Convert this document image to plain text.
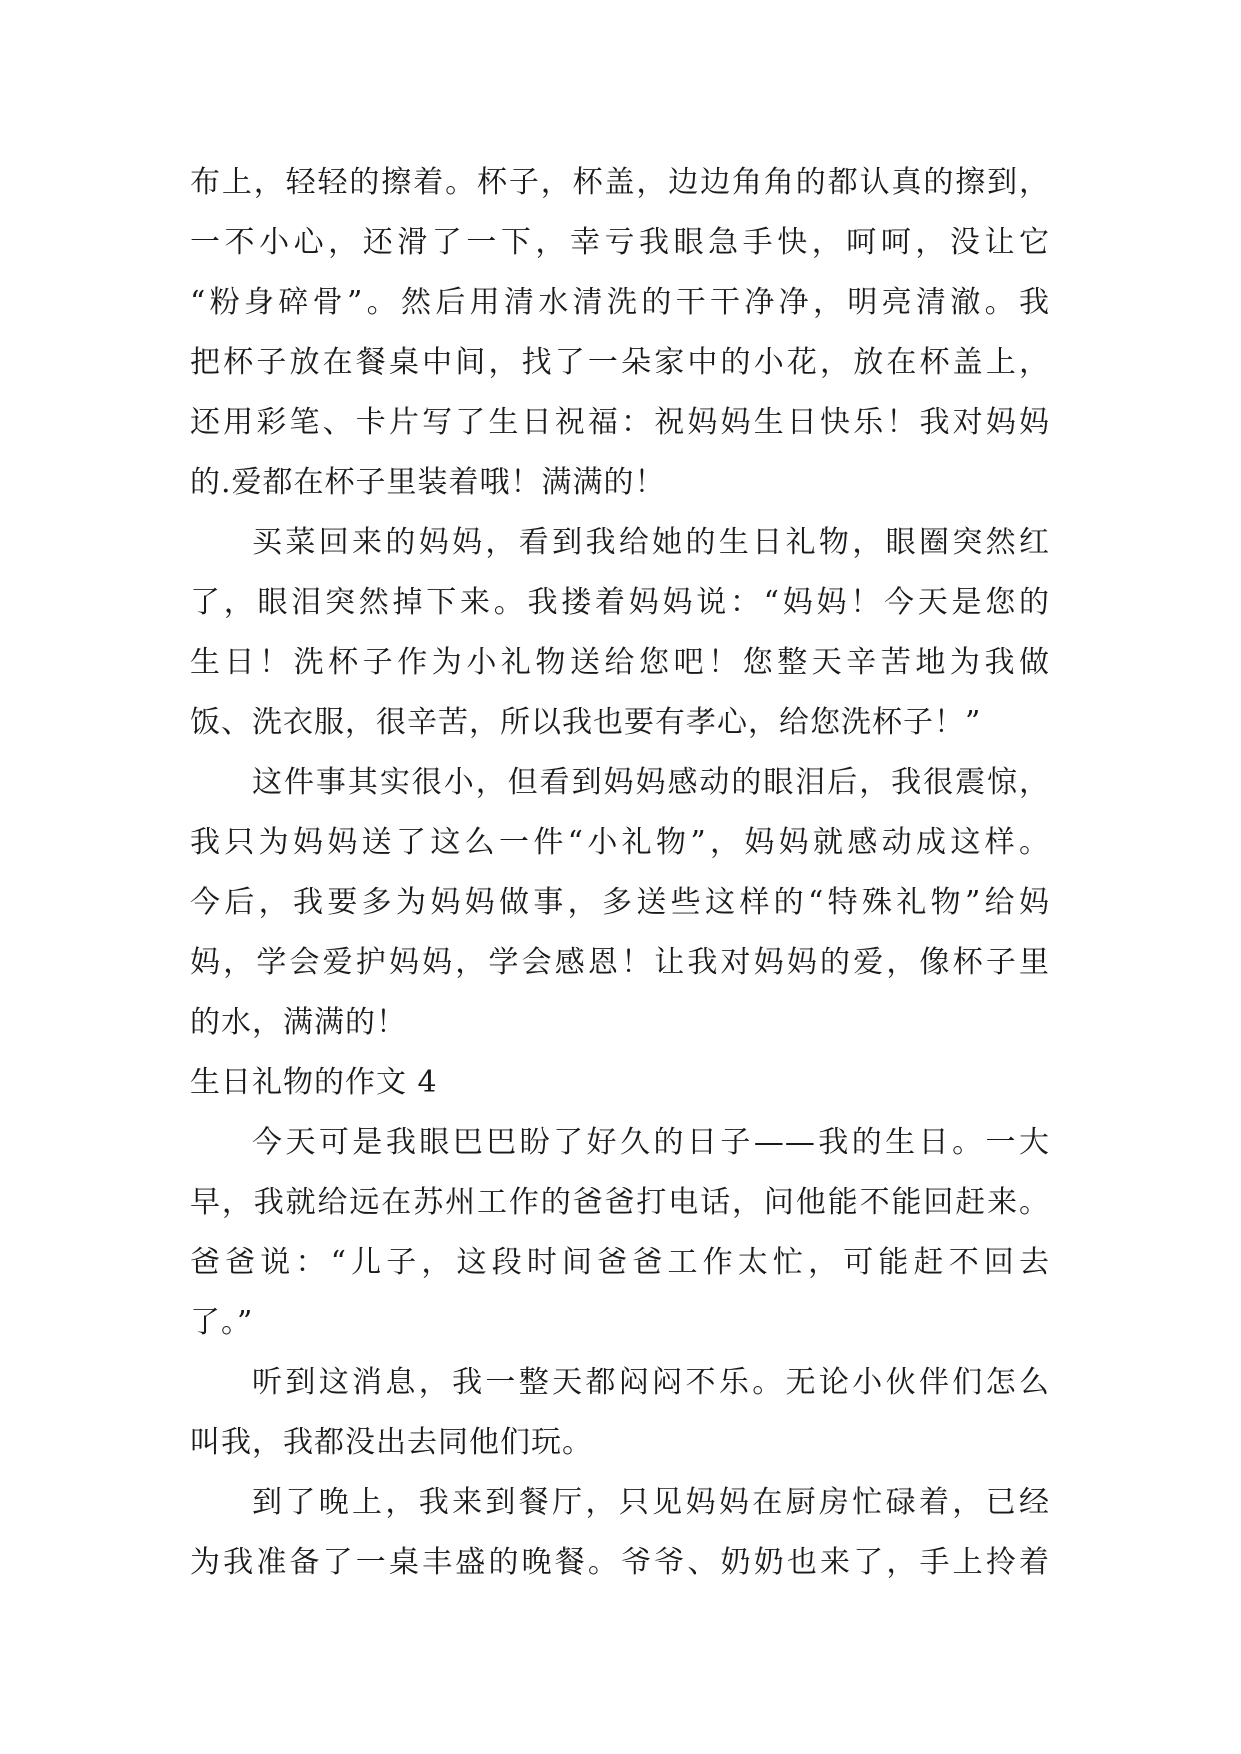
布上，轻轻的擦着。杯子，杯盖，边边角角的都认真的擦到，
一不小心，还滑了一下，幸亏我眼急手快，呵呵，没让它
“粉身碎骨”。然后用清水清洗的干干净净，明亮清澈。我
把杯子放在餐桌中间，找了一朵家中的小花，放在杯盖上，
还用彩笔、卡片写了生日祝福：祝妈妈生日快乐！我对妈妈
的.爱都在杯子里装着哦！满满的！
买菜回来的妈妈，看到我给她的生日礼物，眼圈突然红
了，眼泪突然掉下来。我搂着妈妈说：“妈妈！今天是您的
生日！洗杯子作为小礼物送给您吧！您整天辛苦地为我做
饭、洗衣服，很辛苦，所以我也要有孝心，给您洗杯子！”
这件事其实很小，但看到妈妈感动的眼泪后，我很震惊，
我只为妈妈送了这么一件“小礼物”，妈妈就感动成这样。
今后，我要多为妈妈做事，多送些这样的“特殊礼物”给妈
妈，学会爱护妈妈，学会感恩！让我对妈妈的爱，像杯子里
的水，满满的！
生日礼物的作文 4
今天可是我眼巴巴盼了好久的日子——我的生日。一大
早，我就给远在苏州工作的爸爸打电话，问他能不能回赶来。
爸爸说：“儿子，这段时间爸爸工作太忙，可能赶不回去
了。”
听到这消息，我一整天都闷闷不乐。无论小伙伴们怎么
叫我，我都没出去同他们玩。
到了晚上，我来到餐厅，只见妈妈在厨房忙碌着，已经
为我准备了一桌丰盛的晚餐。爷爷、奶奶也来了，手上拎着
